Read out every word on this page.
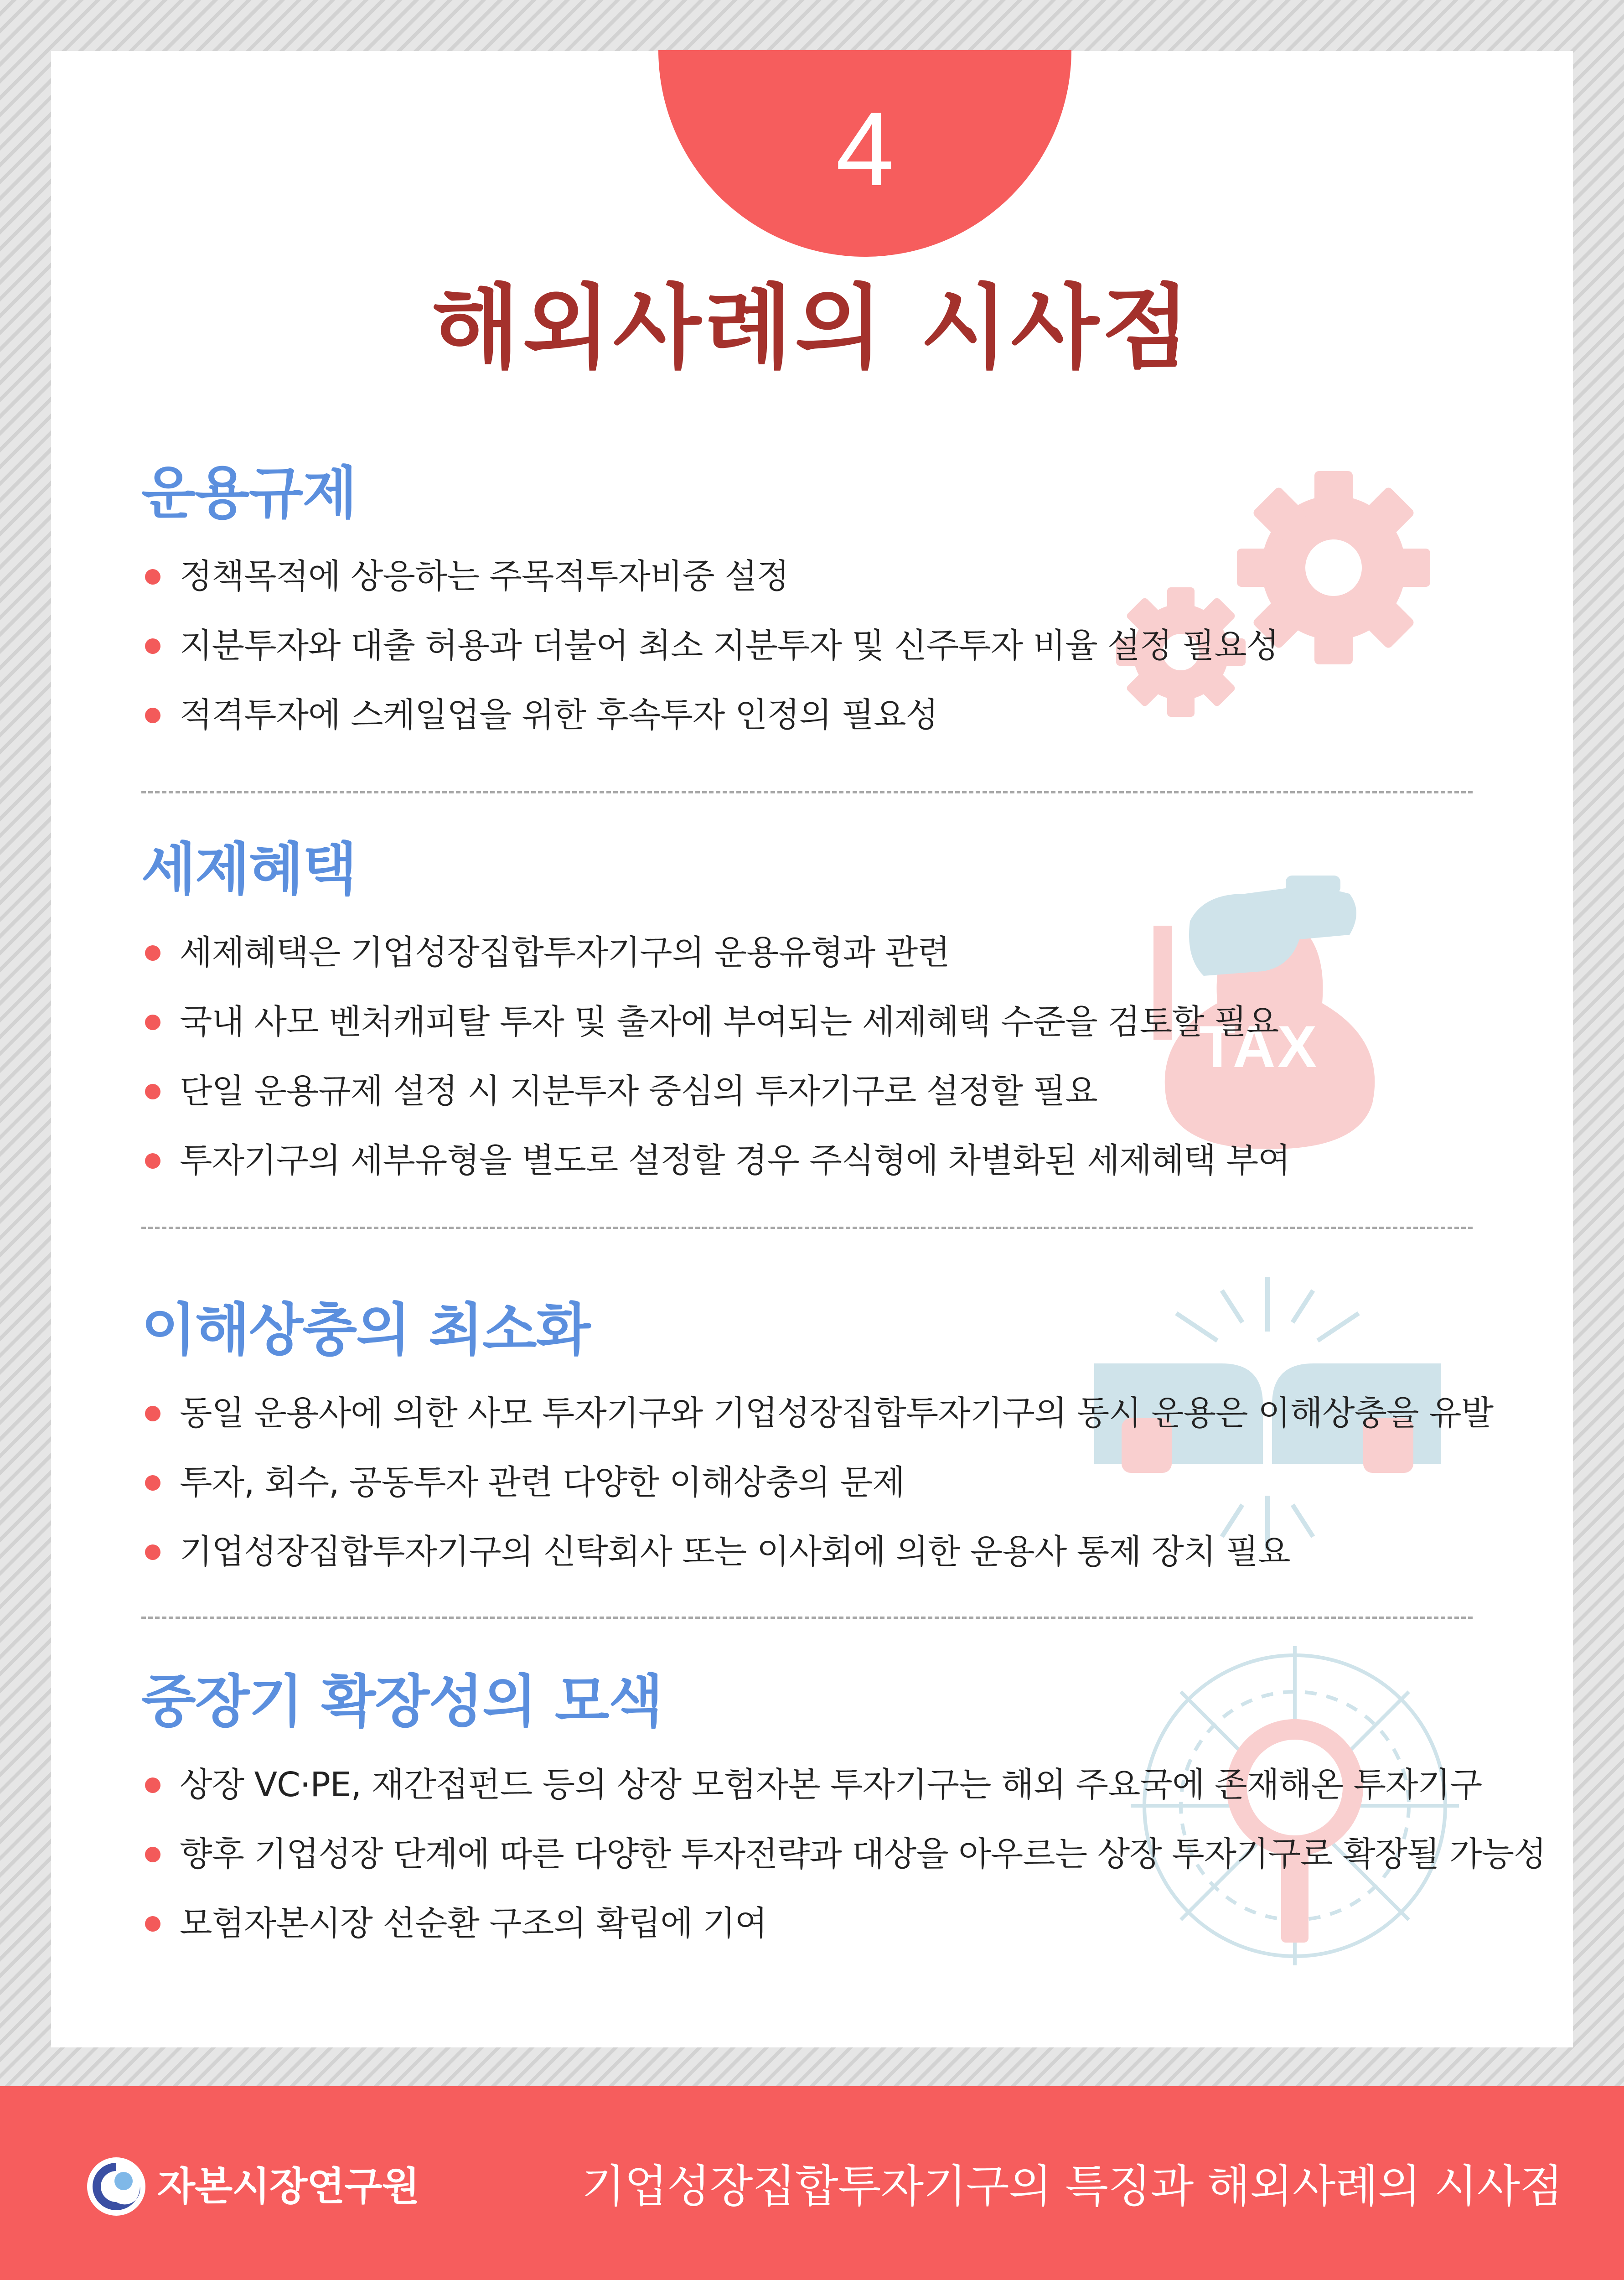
4
해외사례의 시사점
TAX
운용규제
정책목적에 상응하는 주목적투자비중 설정
지분투자와 대출 허용과 더불어 최소 지분투자 및 신주투자 비율 설정 필요성
적격투자에 스케일업을 위한 후속투자 인정의 필요성
세제혜택
세제혜택은 기업성장집합투자기구의 운용유형과 관련
국내 사모 벤처캐피탈 투자 및 출자에 부여되는 세제혜택 수준을 검토할 필요
단일 운용규제 설정 시 지분투자 중심의 투자기구로 설정할 필요
투자기구의 세부유형을 별도로 설정할 경우 주식형에 차별화된 세제혜택 부여
이해상충의 최소화
동일 운용사에 의한 사모 투자기구와 기업성장집합투자기구의 동시 운용은 이해상충을 유발
투자, 회수, 공동투자 관련 다양한 이해상충의 문제
기업성장집합투자기구의 신탁회사 또는 이사회에 의한 운용사 통제 장치 필요
중장기 확장성의 모색
상장 VC·PE, 재간접펀드 등의 상장 모험자본 투자기구는 해외 주요국에 존재해온 투자기구
향후 기업성장 단계에 따른 다양한 투자전략과 대상을 아우르는 상장 투자기구로 확장될 가능성
모험자본시장 선순환 구조의 확립에 기여
자본시장연구원	기업성장집합투자기구의 특징과 해외사례의 시사점
